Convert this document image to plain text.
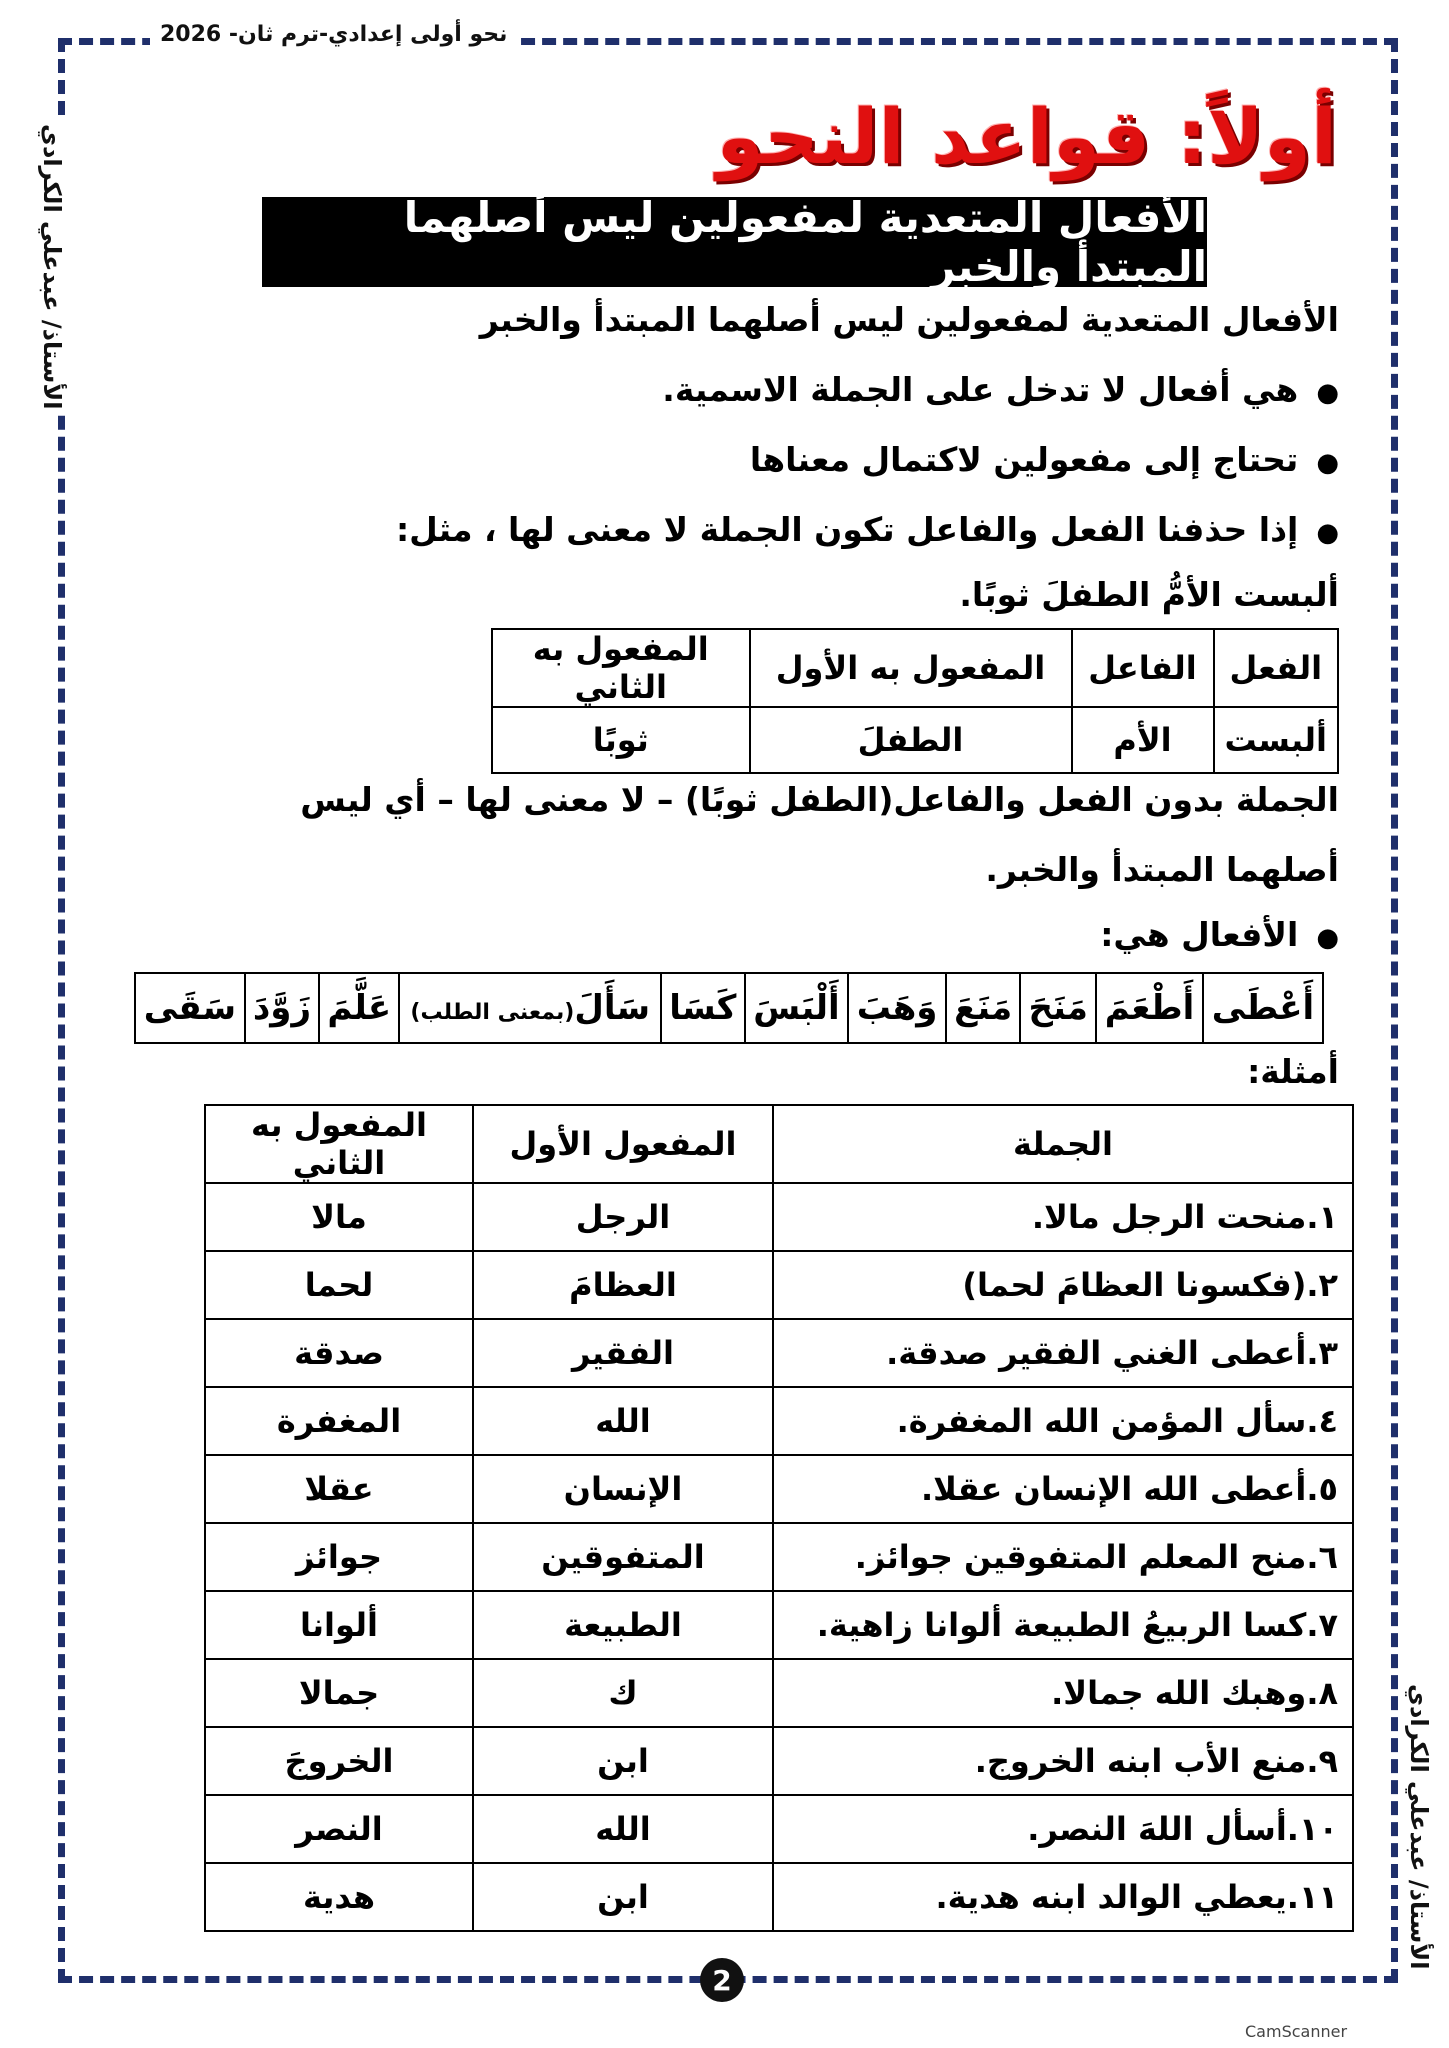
نحو أولى إعدادي-ترم ثان- 2026
الأستاذ/ عبدعلي الكرادي
الأستاذ/ عبدعلي الكرادي
أولاً: قواعد النحو
الأفعال المتعدية لمفعولين ليس أصلهما المبتدأ والخبر
الأفعال المتعدية لمفعولين ليس أصلهما المبتدأ والخبر
● هي أفعال لا تدخل على الجملة الاسمية.
● تحتاج إلى مفعولين لاكتمال معناها
● إذا حذفنا الفعل والفاعل تكون الجملة لا معنى لها ، مثل:
ألبست الأمُّ الطفلَ ثوبًا.
الجملة بدون الفعل والفاعل(الطفل ثوبًا) – لا معنى لها – أي ليس
أصلهما المبتدأ والخبر.
● الأفعال هي:
أمثلة:
الفعل	الفاعل	المفعول به الأول	المفعول به الثاني
ألبست	الأم	الطفلَ	ثوبًا
أَعْطَى	أَطْعَمَ	مَنَحَ	مَنَعَ	وَهَبَ	أَلْبَسَ	كَسَا	سَأَلَ(بمعنى الطلب)	عَلَّمَ	زَوَّدَ	سَقَى
الجملة	المفعول الأول	المفعول به الثاني
١.منحت الرجل مالا.	الرجل	مالا
٢.(فكسونا العظامَ لحما)	العظامَ	لحما
٣.أعطى الغني الفقير صدقة.	الفقير	صدقة
٤.سأل المؤمن الله المغفرة.	الله	المغفرة
٥.أعطى الله الإنسان عقلا.	الإنسان	عقلا
٦.منح المعلم المتفوقين جوائز.	المتفوقين	جوائز
٧.كسا الربيعُ الطبيعة ألوانا زاهية.	الطبيعة	ألوانا
٨.وهبك الله جمالا.	ك	جمالا
٩.منع الأب ابنه الخروج.	ابن	الخروجَ
١٠.أسأل اللهَ النصر.	الله	النصر
١١.يعطي الوالد ابنه هدية.	ابن	هدية
2
CamScanner
